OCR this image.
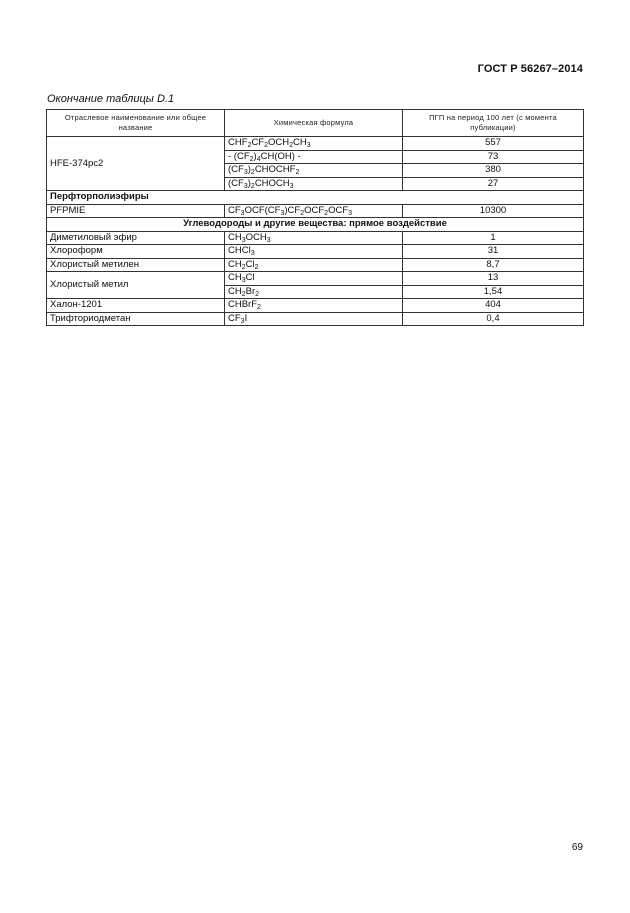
ГОСТ Р 56267–2014
Окончание таблицы D.1
Отраслевое наименование или общее название	Химическая формула	ПГП на период 100 лет (с момента публикации)
HFE-374pc2	$CHF_2CF_2OCH_2CH_3$	557
	- $(CF_2)_4CH(OH)$ -	73
	$(CF_3)_2CHOCHF_2$	380
	$(CF_3)_2CHOCH_3$	27
Перфторполиэфиры		
PFPMIE	$CF_3OCF(CF_3)CF_2OCF_2OCF_3$	10300
Углеводороды и другие вещества: прямое воздействие		
Диметиловый эфир	$CH_3OCH_3$	1
Хлороформ	CHCl$_3$	31
Хлористый метилен	$CH_2Cl_2$	8,7
Хлористый метил	$CH_3Cl$	13
	$CH_2Br_2$	1,54
Халон-1201	CHBrF$_2$	404
Трифториодметан	$CF_3I$	0,4
69
